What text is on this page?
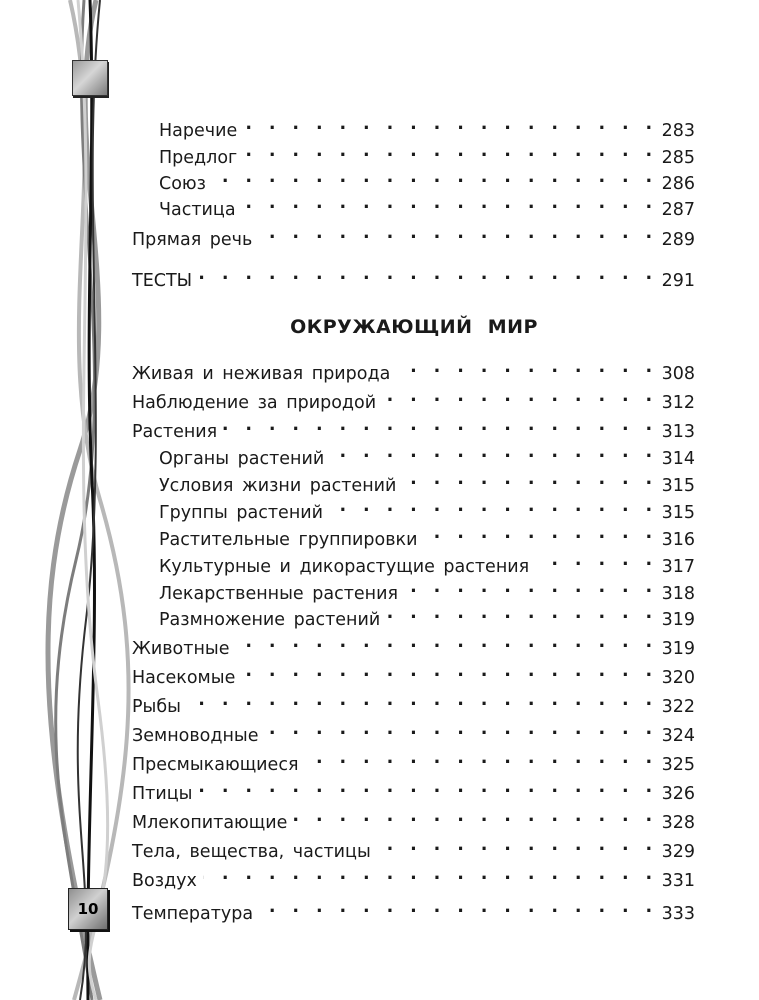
10
Наречие . . .	283
Предлог . . .	285
Союз . . .	286
Частица . . .	287
Прямая речь . . .	289
ТЕСТЫ . . .	291
ОКРУЖАЮЩИЙ МИР
Живая и неживая природа . . .	308
Наблюдение за природой . . .	312
Растения . . .	313
Органы растений . . .	314
Условия жизни растений . . .	315
Группы растений . . .	315
Растительные группировки . . .	316
Культурные и дикорастущие растения . . .	317
Лекарственные растения . . .	318
Размножение растений . . .	319
Животные . . .	319
Насекомые . . .	320
Рыбы . . .	322
Земноводные . . .	324
Пресмыкающиеся . . .	325
Птицы . . .	326
Млекопитающие . . .	328
Тела, вещества, частицы . . .	329
Воздух . . .	331
Температура . . .	333
